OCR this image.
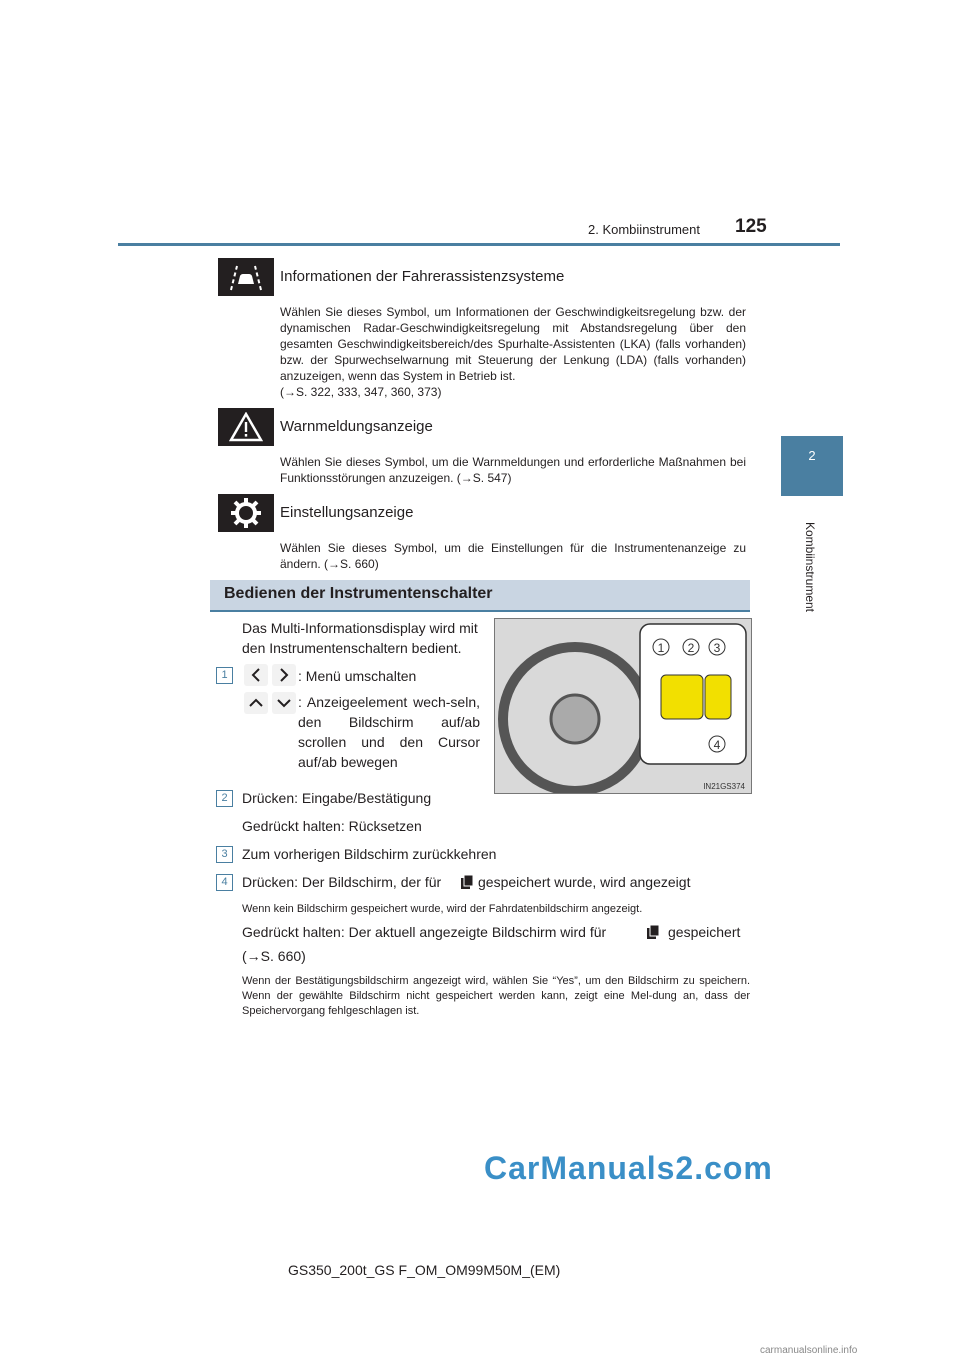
2. Kombiinstrument 125
2
Kombiinstrument
Informationen der Fahrerassistenzsysteme
Wählen Sie dieses Symbol, um Informationen der Geschwindigkeitsregelung bzw. der dynamischen Radar-Geschwindigkeitsregelung mit Abstandsregelung über den gesamten Geschwindigkeitsbereich/des Spurhalte-Assistenten (LKA) (falls vorhanden) bzw. der Spurwechselwarnung mit Steuerung der Lenkung (LDA) (falls vorhanden) anzuzeigen, wenn das System in Betrieb ist.
(→S. 322, 333, 347, 360, 373)
Warnmeldungsanzeige
Wählen Sie dieses Symbol, um die Warnmeldungen und erforderliche Maßnahmen bei Funktionsstörungen anzuzeigen. (→S. 547)
Einstellungsanzeige
Wählen Sie dieses Symbol, um die Einstellungen für die Instrumentenanzeige zu ändern. (→S. 660)
Bedienen der Instrumentenschalter
Das Multi-Informationsdisplay wird mit den Instrumentenschaltern bedient.
1	: Menü umschalten
: Anzeigeelement wech-seln, den Bildschirm auf/ab scrollen und den Cursor auf/ab bewegen
1 2 3
4
IN21GS374
2	Drücken: Eingabe/Bestätigung
Gedrückt halten: Rücksetzen
3	Zum vorherigen Bildschirm zurückkehren
4	Drücken: Der Bildschirm, der für	gespeichert wurde, wird angezeigt
Wenn kein Bildschirm gespeichert wurde, wird der Fahrdatenbildschirm angezeigt.
Gedrückt halten: Der aktuell angezeigte Bildschirm wird für	gespeichert
(→S. 660)
Wenn der Bestätigungsbildschirm angezeigt wird, wählen Sie “Yes”, um den Bildschirm zu speichern. Wenn der gewählte Bildschirm nicht gespeichert werden kann, zeigt eine Mel-dung an, dass der Speichervorgang fehlgeschlagen ist.
CarManuals2.com
GS350_200t_GS F_OM_OM99M50M_(EM)
carmanualsonline.info
